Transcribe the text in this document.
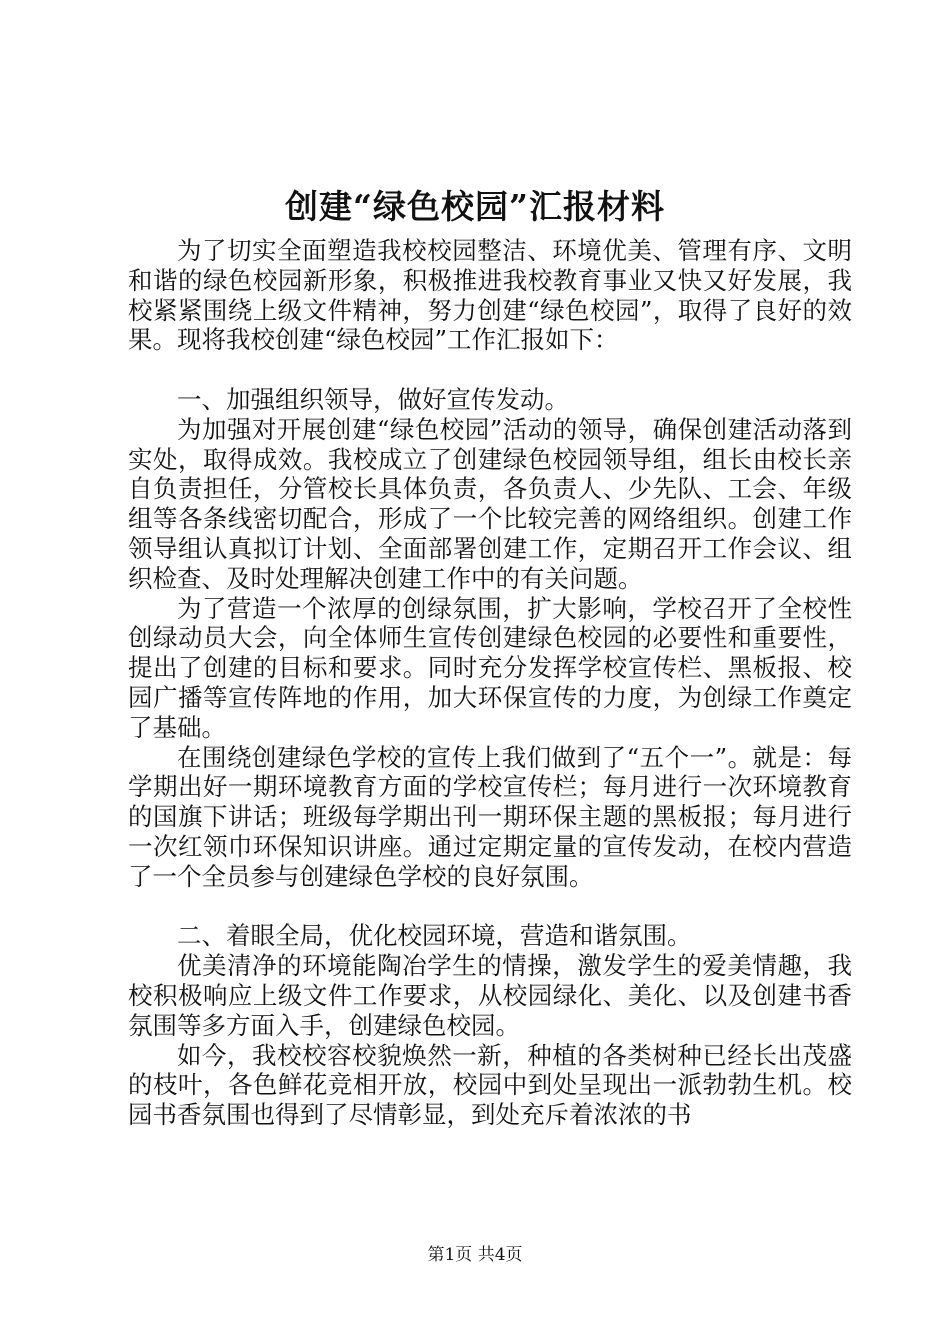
创建“绿色校园”汇报材料

为了切实全面塑造我校校园整洁、环境优美、管理有序、文明和谐的绿色校园新形象，积极推进我校教育事业又快又好发展，我校紧紧围绕上级文件精神，努力创建“绿色校园”，取得了良好的效果。现将我校创建“绿色校园”工作汇报如下：

一、加强组织领导，做好宣传发动。

为加强对开展创建“绿色校园”活动的领导，确保创建活动落到实处，取得成效。我校成立了创建绿色校园领导组，组长由校长亲自负责担任，分管校长具体负责，各负责人、少先队、工会、年级组等各条线密切配合，形成了一个比较完善的网络组织。创建工作领导组认真拟订计划、全面部署创建工作，定期召开工作会议、组织检查、及时处理解决创建工作中的有关问题。

为了营造一个浓厚的创绿氛围，扩大影响，学校召开了全校性创绿动员大会，向全体师生宣传创建绿色校园的必要性和重要性，提出了创建的目标和要求。同时充分发挥学校宣传栏、黑板报、校园广播等宣传阵地的作用，加大环保宣传的力度，为创绿工作奠定了基础。

在围绕创建绿色学校的宣传上我们做到了“五个一”。就是：每学期出好一期环境教育方面的学校宣传栏；每月进行一次环境教育的国旗下讲话；班级每学期出刊一期环保主题的黑板报；每月进行一次红领巾环保知识讲座。通过定期定量的宣传发动，在校内营造了一个全员参与创建绿色学校的良好氛围。

二、着眼全局，优化校园环境，营造和谐氛围。

优美清净的环境能陶冶学生的情操，激发学生的爱美情趣，我校积极响应上级文件工作要求，从校园绿化、美化、以及创建书香氛围等多方面入手，创建绿色校园。

如今，我校校容校貌焕然一新，种植的各类树种已经长出茂盛的枝叶，各色鲜花竞相开放，校园中到处呈现出一派勃勃生机。校园书香氛围也得到了尽情彰显，到处充斥着浓浓的书

第1页 共4页
